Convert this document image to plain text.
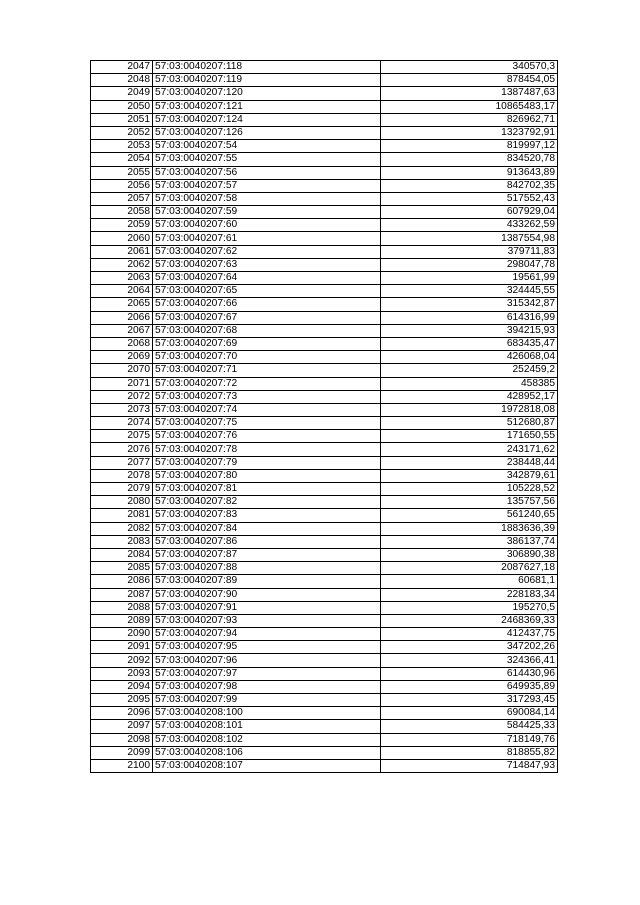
2047	57:03:0040207:118	340570,3
2048	57:03:0040207:119	878454,05
2049	57:03:0040207:120	1387487,63
2050	57:03:0040207:121	10865483,17
2051	57:03:0040207:124	826962,71
2052	57:03:0040207:126	1323792,91
2053	57:03:0040207:54	819997,12
2054	57:03:0040207:55	834520,78
2055	57:03:0040207:56	913643,89
2056	57:03:0040207:57	842702,35
2057	57:03:0040207:58	517552,43
2058	57:03:0040207:59	607929,04
2059	57:03:0040207:60	433262,59
2060	57:03:0040207:61	1387554,98
2061	57:03:0040207:62	379711,83
2062	57:03:0040207:63	298047,78
2063	57:03:0040207:64	19561,99
2064	57:03:0040207:65	324445,55
2065	57:03:0040207:66	315342,87
2066	57:03:0040207:67	614316,99
2067	57:03:0040207:68	394215,93
2068	57:03:0040207:69	683435,47
2069	57:03:0040207:70	426068,04
2070	57:03:0040207:71	252459,2
2071	57:03:0040207:72	458385
2072	57:03:0040207:73	428952,17
2073	57:03:0040207:74	1972818,08
2074	57:03:0040207:75	512680,87
2075	57:03:0040207:76	171650,55
2076	57:03:0040207:78	243171,62
2077	57:03:0040207:79	238448,44
2078	57:03:0040207:80	342879,61
2079	57:03:0040207:81	105228,52
2080	57:03:0040207:82	135757,56
2081	57:03:0040207:83	561240,65
2082	57:03:0040207:84	1883636,39
2083	57:03:0040207:86	386137,74
2084	57:03:0040207:87	306890,38
2085	57:03:0040207:88	2087627,18
2086	57:03:0040207:89	60681,1
2087	57:03:0040207:90	228183,34
2088	57:03:0040207:91	195270,5
2089	57:03:0040207:93	2468369,33
2090	57:03:0040207:94	412437,75
2091	57:03:0040207:95	347202,26
2092	57:03:0040207:96	324366,41
2093	57:03:0040207:97	614430,96
2094	57:03:0040207:98	649935,89
2095	57:03:0040207:99	317293,45
2096	57:03:0040208:100	690084,14
2097	57:03:0040208:101	584425,33
2098	57:03:0040208:102	718149,76
2099	57:03:0040208:106	818855,82
2100	57:03:0040208:107	714847,93
